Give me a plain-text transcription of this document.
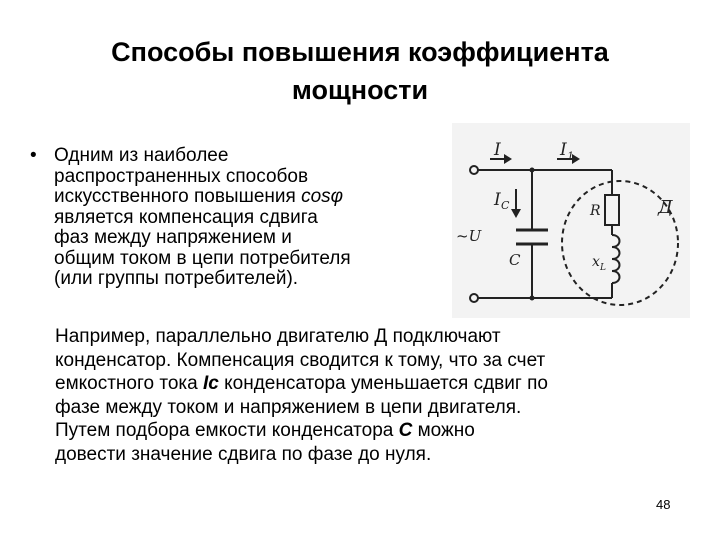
Способы повышения коэффициента
мощности
• Одним из наиболее
распространенных способов
искусственного повышения cosφ
является компенсация сдвига
фаз между напряжением и
общим током в цепи потребителя
(или группы потребителей).
I	I 1
I C
~U
C
R
x L
Д
Например, параллельно двигателю Д подключают
конденсатор. Компенсация сводится к тому, что за счет
емкостного тока Ic конденсатора уменьшается сдвиг по
фазе между током и напряжением в цепи двигателя.
Путем подбора емкости конденсатора С можно
довести значение сдвига по фазе до нуля.
48
